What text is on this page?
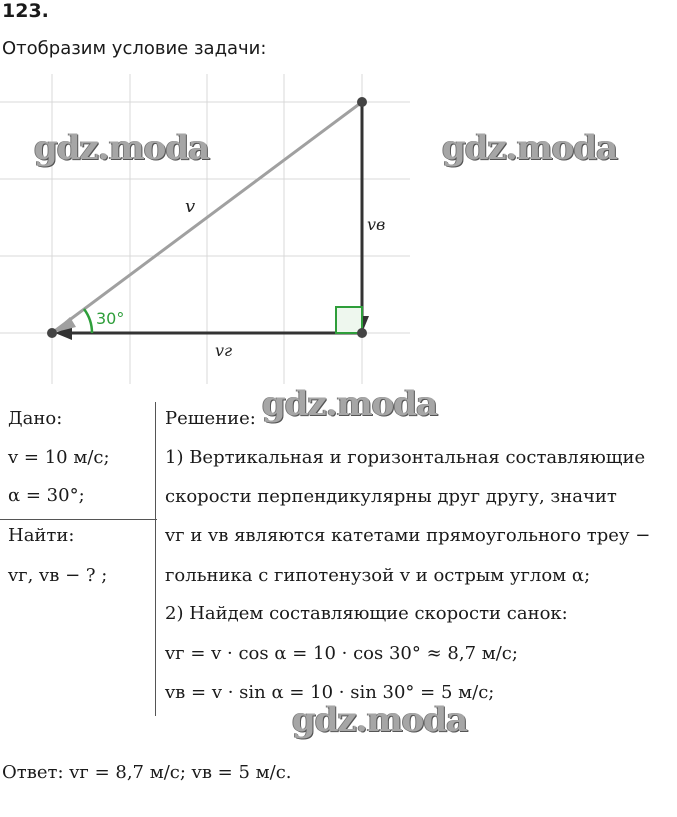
123.
Отобразим условие задачи:
v
vв
vг
30°
gdz.moda	gdz.moda
gdz.moda
gdz.moda
Дано:
v = 10 м/с;
α = 30°;
Найти:
vг, vв − ? ;
Решение:
1) Вертикальная и горизонтальная составляющие
скорости перпендикулярны друг другу, значит
vг и vв являются катетами прямоугольного треу −
гольника с гипотенузой v и острым углом α;
2) Найдем составляющие скорости санок:
vг = v · cos α = 10 · cos 30° ≈ 8,7 м/с;
vв = v · sin α = 10 · sin 30° = 5 м/с;
Ответ: vг = 8,7 м/с; vв = 5 м/с.
